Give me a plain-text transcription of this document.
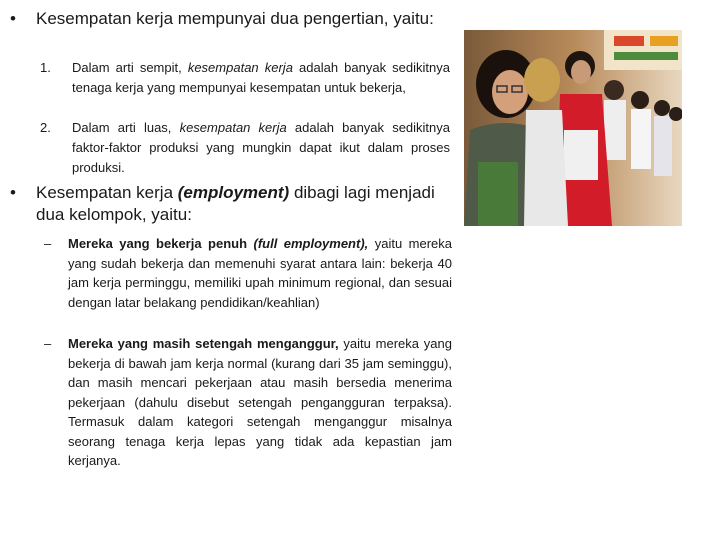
•	Kesempatan kerja mempunyai dua pengertian, yaitu:
1. Dalam arti sempit, kesempatan kerja adalah banyak sedikitnya tenaga kerja yang mempunyai kesempatan untuk bekerja,
2. Dalam arti luas, kesempatan kerja adalah banyak sedikitnya faktor-faktor produksi yang mungkin dapat ikut dalam proses produksi.
•	Kesempatan kerja (employment) dibagi lagi menjadi dua kelompok, yaitu:
– Mereka yang bekerja penuh (full employment), yaitu mereka yang sudah bekerja dan memenuhi syarat antara lain: bekerja 40 jam kerja perminggu, memiliki upah minimum regional, dan sesuai dengan latar belakang pendidikan/keahlian)
– Mereka yang masih setengah menganggur, yaitu mereka yang bekerja di bawah jam kerja normal (kurang dari 35 jam seminggu), dan masih mencari pekerjaan atau masih bersedia menerima pekerjaan (dahulu disebut setengah pengangguran terpaksa). Termasuk dalam kategori setengah menganggur misalnya seorang tenaga kerja lepas yang tidak ada kepastian jam kerjanya.
